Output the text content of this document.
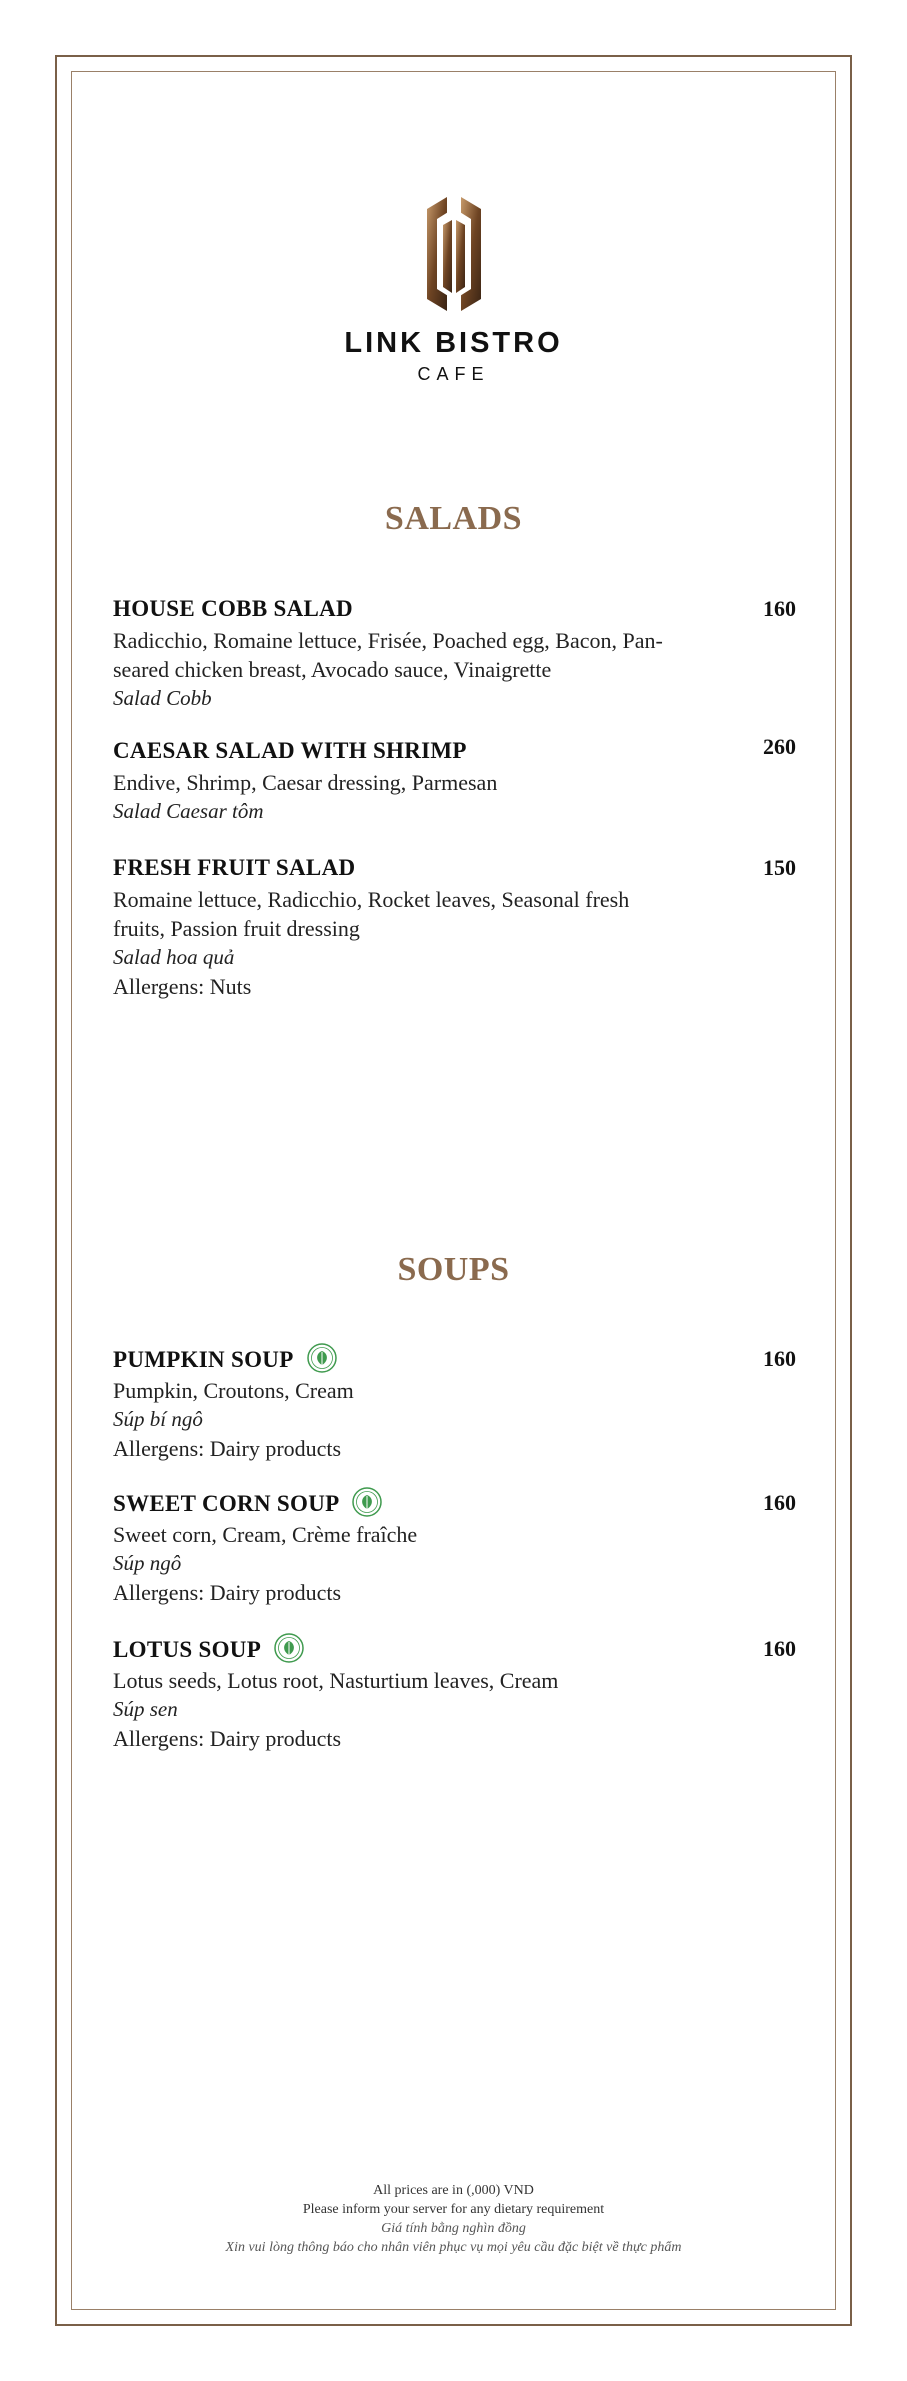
LINK BISTRO
CAFE
SALADS
HOUSE COBB SALAD	160
Radicchio, Romaine lettuce, Frisée, Poached egg, Bacon, Pan-seared chicken breast, Avocado sauce, Vinaigrette
Salad Cobb
CAESAR SALAD WITH SHRIMP	260
Endive, Shrimp, Caesar dressing, Parmesan
Salad Caesar tôm
FRESH FRUIT SALAD	150
Romaine lettuce, Radicchio, Rocket leaves, Seasonal fresh fruits, Passion fruit dressing
Salad hoa quả
Allergens: Nuts
SOUPS
PUMPKIN SOUP	160
Pumpkin, Croutons, Cream
Súp bí ngô
Allergens: Dairy products
SWEET CORN SOUP	160
Sweet corn, Cream, Crème fraîche
Súp ngô
Allergens: Dairy products
LOTUS SOUP	160
Lotus seeds, Lotus root, Nasturtium leaves, Cream
Súp sen
Allergens: Dairy products
All prices are in (,000) VND
Please inform your server for any dietary requirement
Giá tính bằng nghìn đồng
Xin vui lòng thông báo cho nhân viên phục vụ mọi yêu cầu đặc biệt về thực phẩm
